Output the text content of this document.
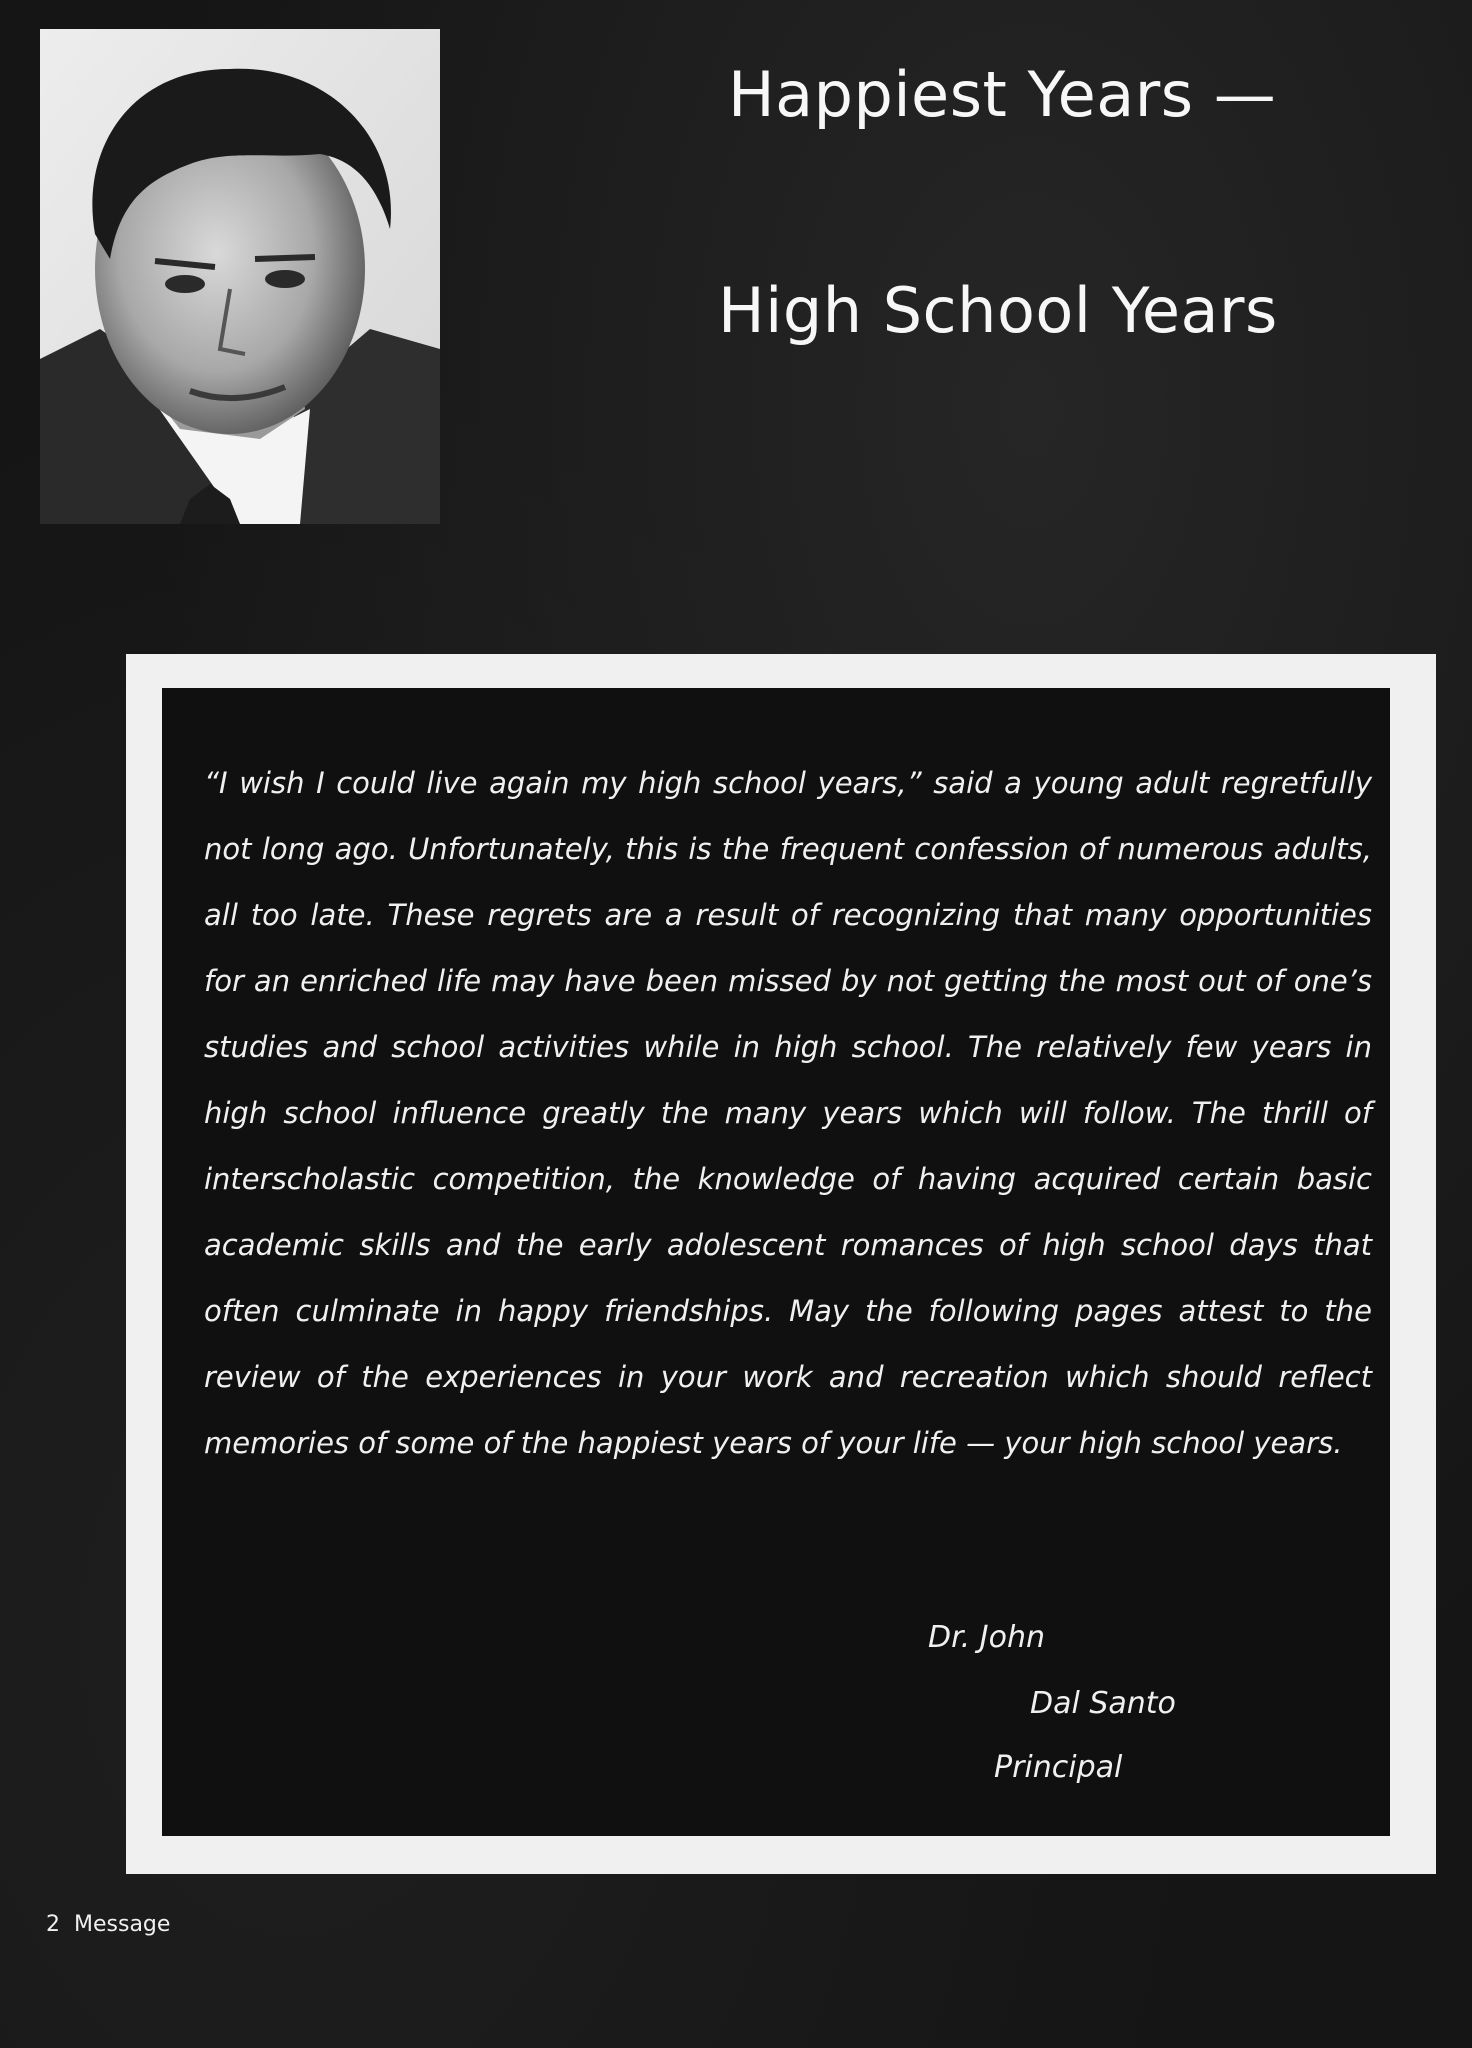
Happiest Years —
High School Years

“I wish I could live again my high school years,” said a young adult regretfully not long ago. Unfortunately, this is the frequent confession of numerous adults, all too late. These regrets are a result of recognizing that many opportunities for an enriched life may have been missed by not getting the most out of one’s studies and school activities while in high school. The relatively few years in high school influence greatly the many years which will follow. The thrill of interscholastic competition, the knowledge of having acquired certain basic academic skills and the early adolescent romances of high school days that often culminate in happy friendships. May the following pages attest to the review of the experiences in your work and recreation which should reflect memories of some of the happiest years of your life — your high school years.

Dr. John
Dal Santo
Principal
2 Message
